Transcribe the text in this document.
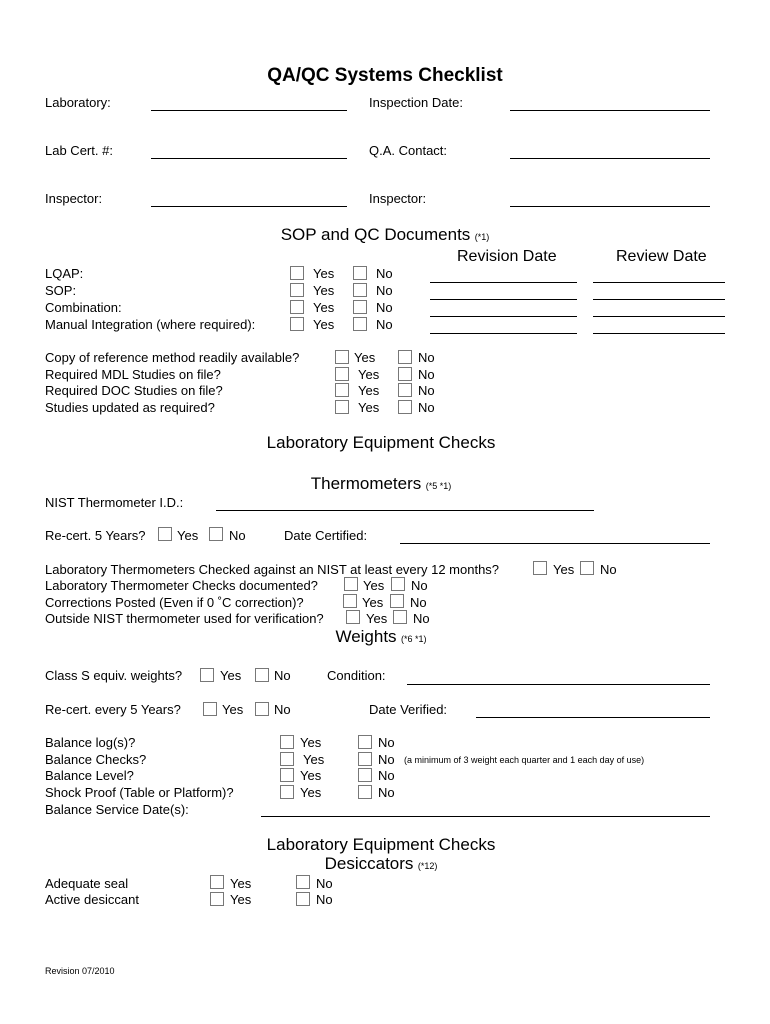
QA/QC Systems Checklist
Laboratory:	Inspection Date:
Lab Cert. #:	Q.A. Contact:
Inspector:	Inspector:
SOP and QC Documents (*1)
Revision Date	Review Date
LQAP:	Yes	No
SOP:	Yes	No
Combination:	Yes	No
Manual Integration (where required):	Yes	No
Copy of reference method readily available?	Yes	No
Required MDL Studies on file?	Yes	No
Required DOC Studies on file?	Yes	No
Studies updated as required?	Yes	No
Laboratory Equipment Checks
Thermometers (*5 *1)
NIST Thermometer I.D.:
Re-cert. 5 Years? Yes No	Date Certified:
Laboratory Thermometers Checked against an NIST at least every 12 months?	Yes No
Laboratory Thermometer Checks documented?	Yes No
Corrections Posted (Even if 0 ˚C correction)?	Yes No
Outside NIST thermometer used for verification?	Yes No
Weights (*6 *1)
Class S equiv. weights?	Yes	No	Condition:
Re-cert. every 5 Years?	Yes No	Date Verified:
Balance log(s)?	Yes	No
Balance Checks?	Yes	No (a minimum of 3 weight each quarter and 1 each day of use)
Balance Level?	Yes	No
Shock Proof (Table or Platform)?	Yes	No
Balance Service Date(s):
Laboratory Equipment Checks
Desiccators (*12)
Adequate seal	Yes	No
Active desiccant	Yes	No
Revision 07/2010
